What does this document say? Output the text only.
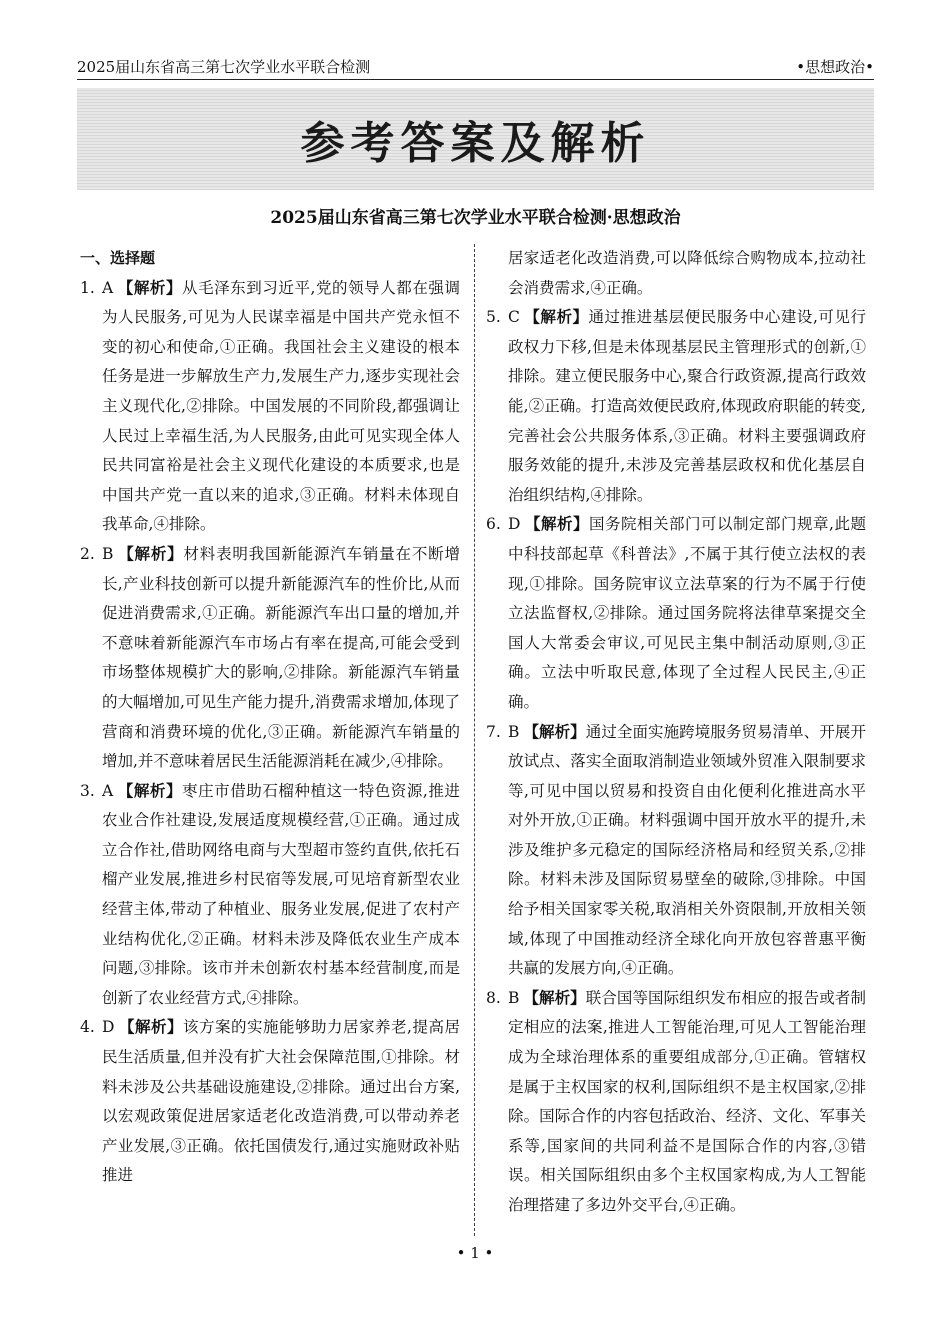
2025届山东省高三第七次学业水平联合检测	•思想政治•
参考答案及解析
2025届山东省高三第七次学业水平联合检测·思想政治
一、选择题
1. A 【解析】从毛泽东到习近平,党的领导人都在强调为人民服务,可见为人民谋幸福是中国共产党永恒不变的初心和使命,①正确。我国社会主义建设的根本任务是进一步解放生产力,发展生产力,逐步实现社会主义现代化,②排除。中国发展的不同阶段,都强调让人民过上幸福生活,为人民服务,由此可见实现全体人民共同富裕是社会主义现代化建设的本质要求,也是中国共产党一直以来的追求,③正确。材料未体现自我革命,④排除。
2. B 【解析】材料表明我国新能源汽车销量在不断增长,产业科技创新可以提升新能源汽车的性价比,从而促进消费需求,①正确。新能源汽车出口量的增加,并不意味着新能源汽车市场占有率在提高,可能会受到市场整体规模扩大的影响,②排除。新能源汽车销量的大幅增加,可见生产能力提升,消费需求增加,体现了营商和消费环境的优化,③正确。新能源汽车销量的增加,并不意味着居民生活能源消耗在减少,④排除。
3. A 【解析】枣庄市借助石榴种植这一特色资源,推进农业合作社建设,发展适度规模经营,①正确。通过成立合作社,借助网络电商与大型超市签约直供,依托石榴产业发展,推进乡村民宿等发展,可见培育新型农业经营主体,带动了种植业、服务业发展,促进了农村产业结构优化,②正确。材料未涉及降低农业生产成本问题,③排除。该市并未创新农村基本经营制度,而是创新了农业经营方式,④排除。
4. D 【解析】该方案的实施能够助力居家养老,提高居民生活质量,但并没有扩大社会保障范围,①排除。材料未涉及公共基础设施建设,②排除。通过出台方案,以宏观政策促进居家适老化改造消费,可以带动养老产业发展,③正确。依托国债发行,通过实施财政补贴推进
居家适老化改造消费,可以降低综合购物成本,拉动社会消费需求,④正确。
5. C 【解析】通过推进基层便民服务中心建设,可见行政权力下移,但是未体现基层民主管理形式的创新,①排除。建立便民服务中心,聚合行政资源,提高行政效能,②正确。打造高效便民政府,体现政府职能的转变,完善社会公共服务体系,③正确。材料主要强调政府服务效能的提升,未涉及完善基层政权和优化基层自治组织结构,④排除。
6. D 【解析】国务院相关部门可以制定部门规章,此题中科技部起草《科普法》,不属于其行使立法权的表现,①排除。国务院审议立法草案的行为不属于行使立法监督权,②排除。通过国务院将法律草案提交全国人大常委会审议,可见民主集中制活动原则,③正确。立法中听取民意,体现了全过程人民民主,④正确。
7. B 【解析】通过全面实施跨境服务贸易清单、开展开放试点、落实全面取消制造业领域外贸准入限制要求等,可见中国以贸易和投资自由化便利化推进高水平对外开放,①正确。材料强调中国开放水平的提升,未涉及维护多元稳定的国际经济格局和经贸关系,②排除。材料未涉及国际贸易壁垒的破除,③排除。中国给予相关国家零关税,取消相关外资限制,开放相关领域,体现了中国推动经济全球化向开放包容普惠平衡共赢的发展方向,④正确。
8. B 【解析】联合国等国际组织发布相应的报告或者制定相应的法案,推进人工智能治理,可见人工智能治理成为全球治理体系的重要组成部分,①正确。管辖权是属于主权国家的权利,国际组织不是主权国家,②排除。国际合作的内容包括政治、经济、文化、军事关系等,国家间的共同利益不是国际合作的内容,③错误。相关国际组织由多个主权国家构成,为人工智能治理搭建了多边外交平台,④正确。
• 1 •
